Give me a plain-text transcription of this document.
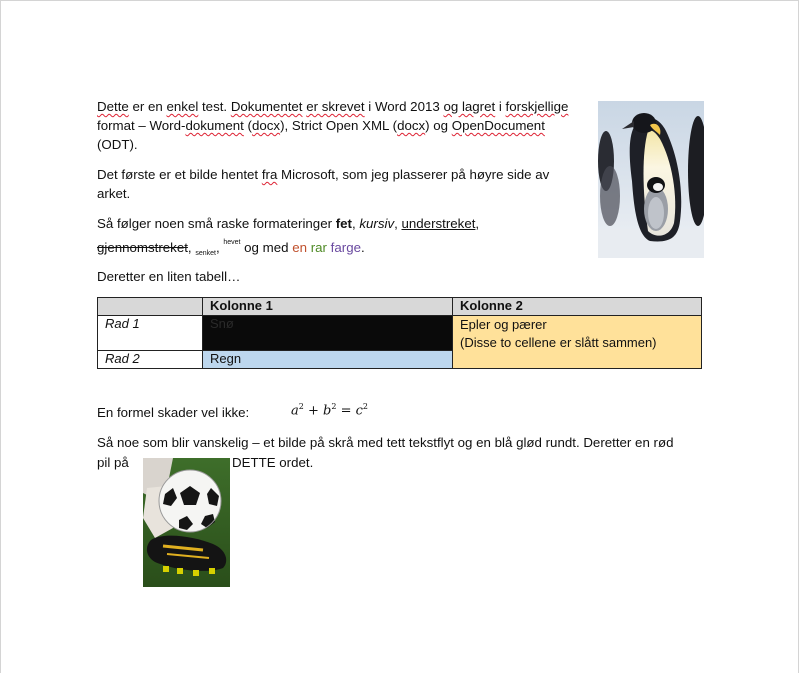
Dette er en enkel test. Dokumentet er skrevet i Word 2013 og lagret i forskjellige
format – Word-dokument (docx), Strict Open XML (docx) og OpenDocument
(ODT).
Det første er et bilde hentet fra Microsoft, som jeg plasserer på høyre side av
arket.
Så følger noen små raske formateringer fet, kursiv, understreket,
gjennomstreket, $_{senket}$, $^{hevet}$ og med en rar farge.
Deretter en liten tabell…
	Kolonne 1	Kolonne 2
Rad 1	Snø	Epler og pærer
(Disse to cellene er slått sammen)

Rad 2	Regn	
En formel skader vel ikke:	$a^2 + b^2 = c^2$
Så noe som blir vanskelig – et bilde på skrå med tett tekstflyt og en blå glød rundt. Deretter en rød
pil på	DETTE ordet.
